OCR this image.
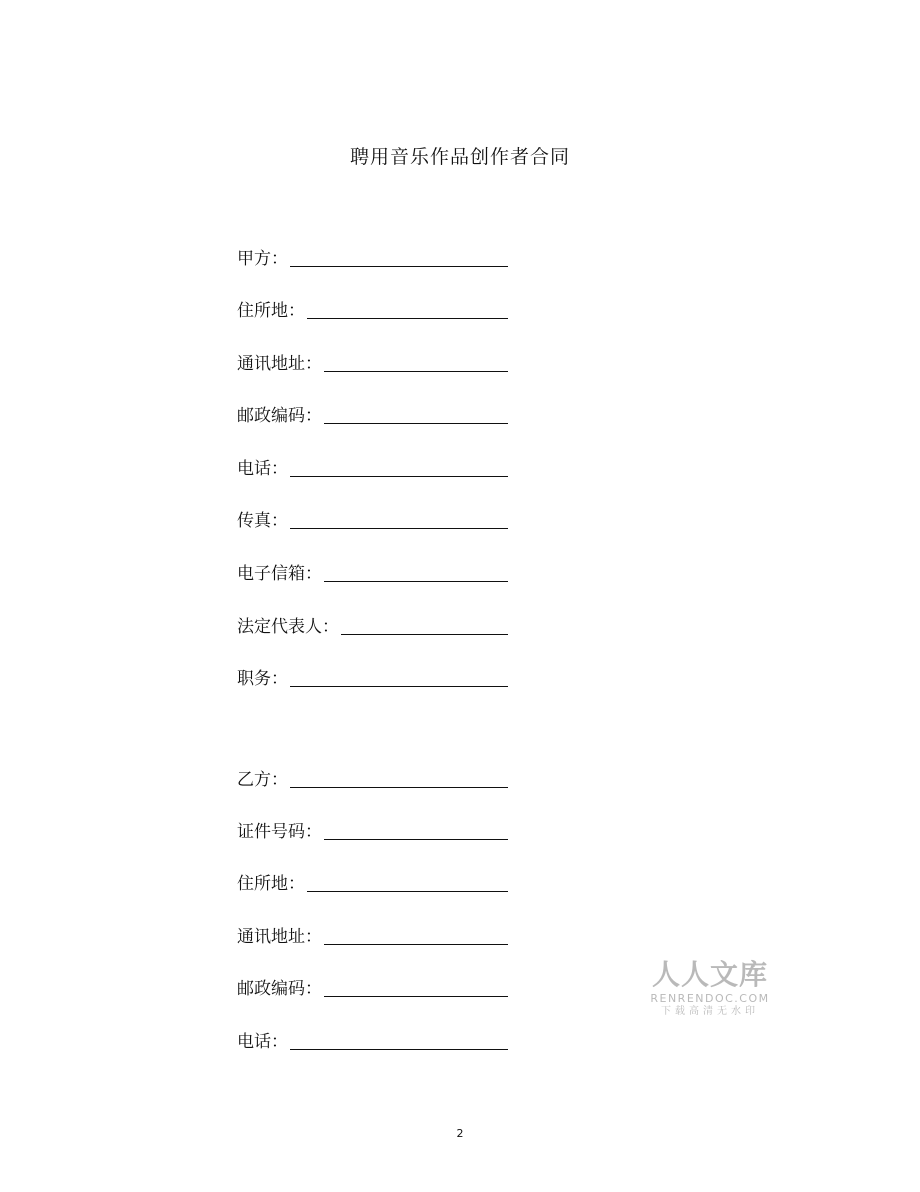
聘用音乐作品创作者合同
甲方：
住所地：
通讯地址：
邮政编码：
电话：
传真：
电子信箱：
法定代表人：
职务：
乙方：
证件号码：
住所地：
通讯地址：
邮政编码：
电话：
人人文库
RENRENDOC.COM
下载高清无水印
2
